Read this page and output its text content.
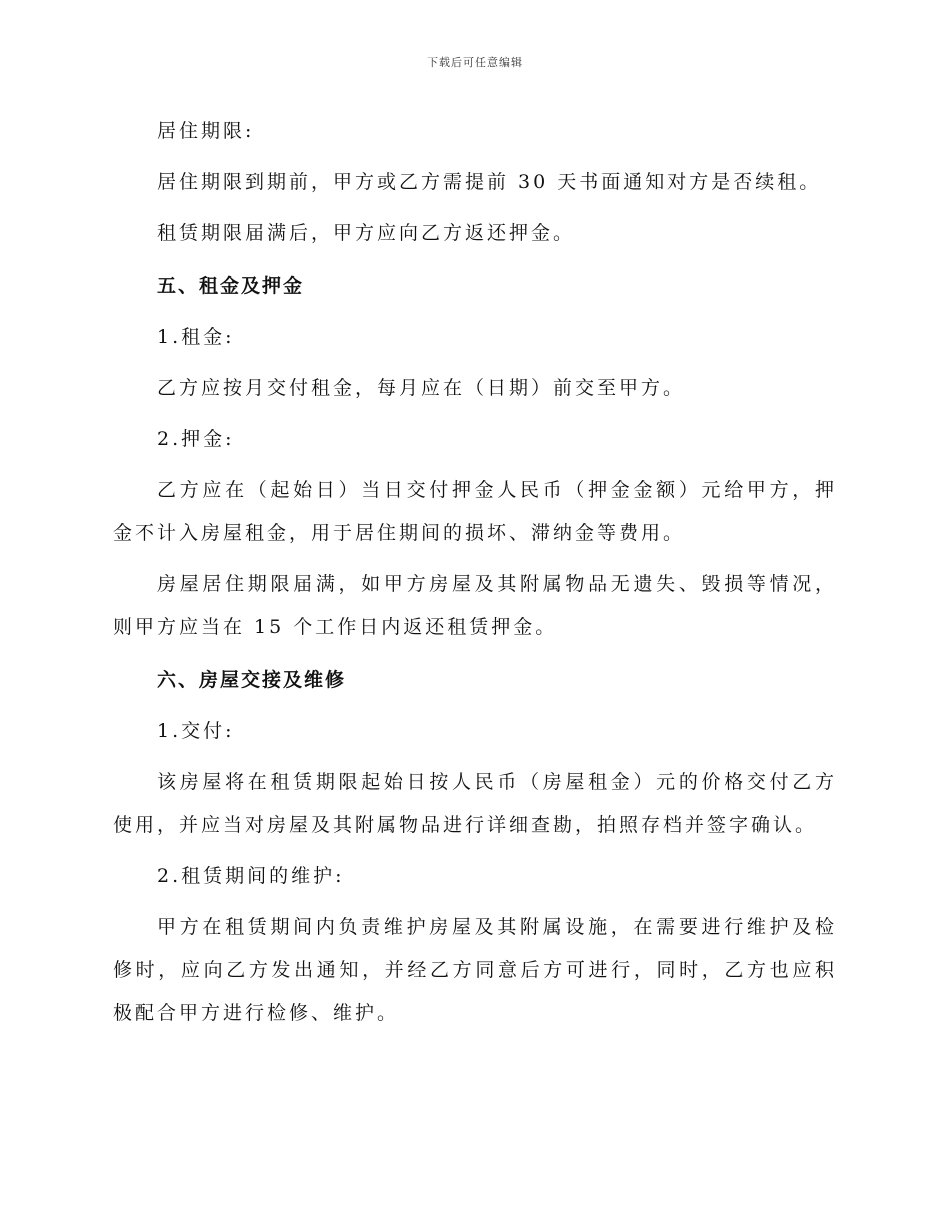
下载后可任意编辑

居住期限:

居住期限到期前，甲方或乙方需提前 30 天书面通知对方是否续租。

租赁期限届满后，甲方应向乙方返还押金。

五、租金及押金

1.租金:

乙方应按月交付租金，每月应在（日期）前交至甲方。

2.押金:

乙方应在（起始日）当日交付押金人民币（押金金额）元给甲方，押金不计入房屋租金，用于居住期间的损坏、滞纳金等费用。

房屋居住期限届满，如甲方房屋及其附属物品无遗失、毁损等情况，则甲方应当在 15 个工作日内返还租赁押金。

六、房屋交接及维修

1.交付:

该房屋将在租赁期限起始日按人民币（房屋租金）元的价格交付乙方使用，并应当对房屋及其附属物品进行详细查勘，拍照存档并签字确认。

2.租赁期间的维护:

甲方在租赁期间内负责维护房屋及其附属设施，在需要进行维护及检修时，应向乙方发出通知，并经乙方同意后方可进行，同时，乙方也应积极配合甲方进行检修、维护。
